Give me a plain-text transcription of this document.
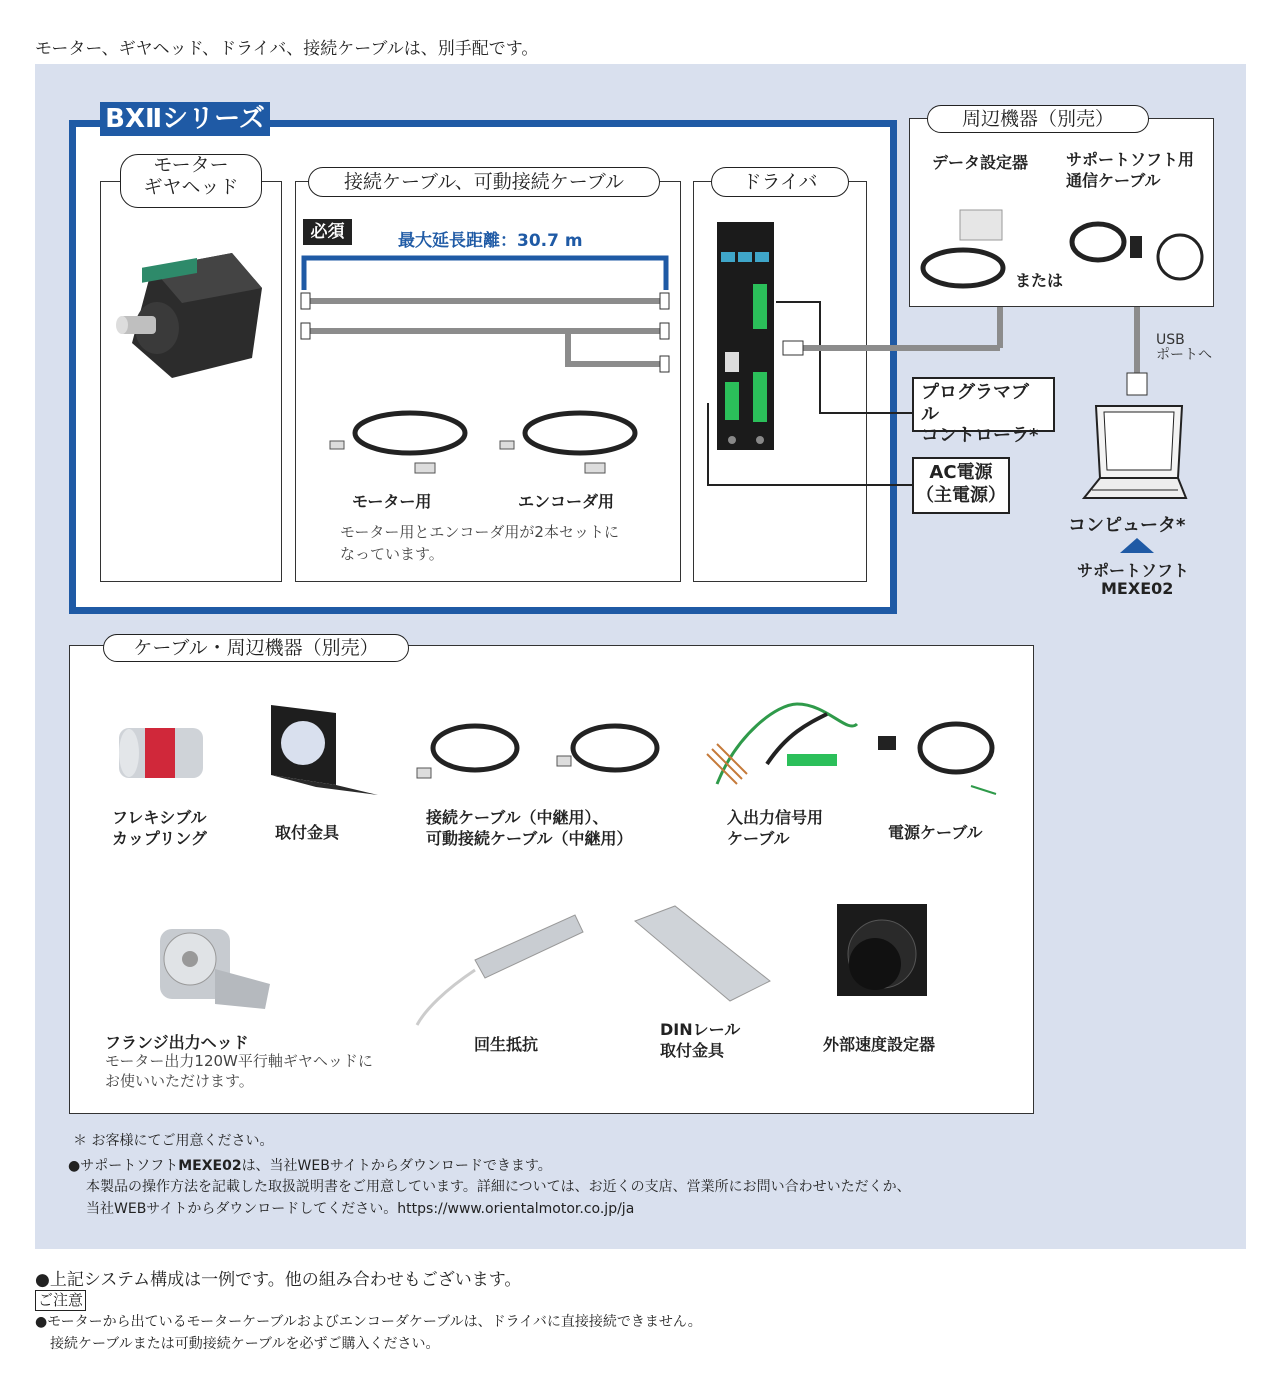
モーター、ギヤヘッド、ドライバ、接続ケーブルは、別手配です。
BXⅡシリーズ
モーター
ギヤヘッド	接続ケーブル、可動接続ケーブル
必須	最大延長距離：30.7 m
モーター用	エンコーダ用
モーター用とエンコーダ用が2本セットに
なっています。
ドライバ
周辺機器（別売）
データ設定器 サポートソフト用
通信ケーブル
または
USB
ポートへ
プログラマブル
コントローラ*
AC電源
（主電源）
コンピュータ*
サポートソフト
MEXE02
ケーブル・周辺機器（別売）
フレキシブル
カップリング	取付金具
接続ケーブル（中継用）、
可動接続ケーブル（中継用）
入出力信号用
ケーブル	電源ケーブル
フランジ出力ヘッド
モーター出力120W平行軸ギヤヘッドに
お使いいただけます。
回生抵抗
DINレール
取付金具	外部速度設定器
＊ お客様にてご用意ください。
●サポートソフトMEXE02は、当社WEBサイトからダウンロードできます。
本製品の操作方法を記載した取扱説明書をご用意しています。詳細については、お近くの支店、営業所にお問い合わせいただくか、
当社WEBサイトからダウンロードしてください。https://www.orientalmotor.co.jp/ja
●上記システム構成は一例です。他の組み合わせもございます。
ご注意
●モーターから出ているモーターケーブルおよびエンコーダケーブルは、ドライバに直接接続できません。
接続ケーブルまたは可動接続ケーブルを必ずご購入ください。
